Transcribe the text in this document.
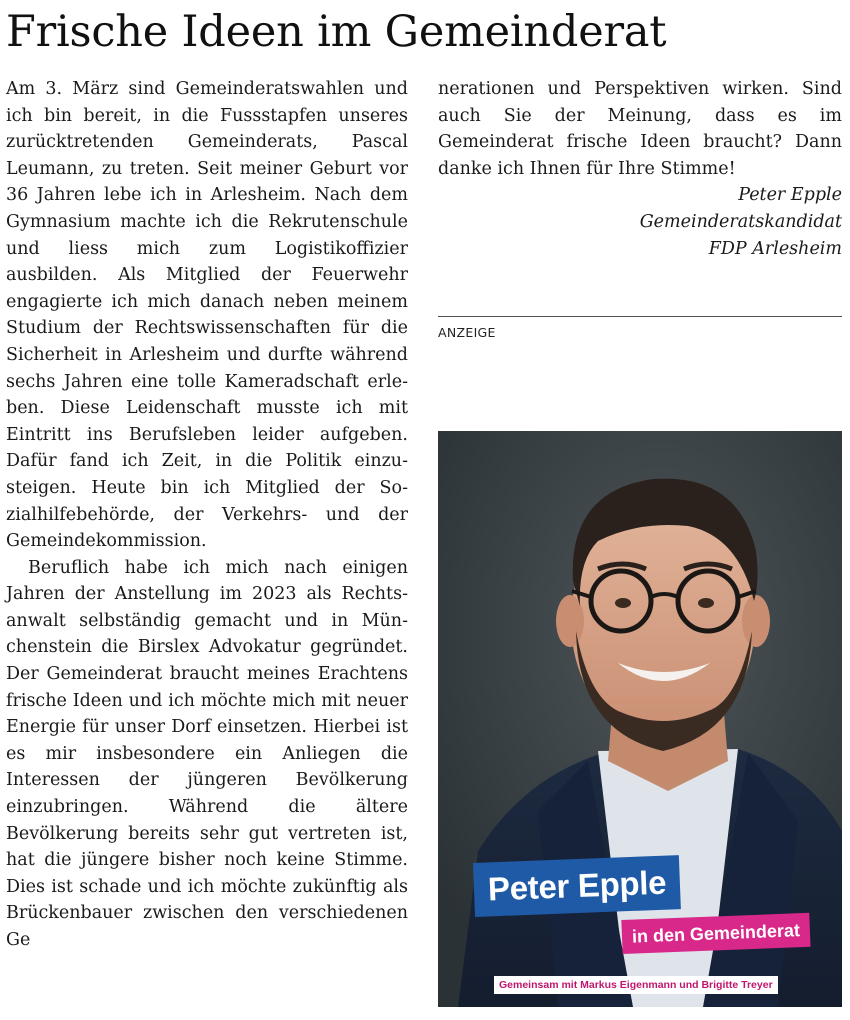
Frische Ideen im Gemeinderat

Am 3. März sind Gemeinderatswahlen und ich bin bereit, in die Fussstapfen unseres zurücktretenden Gemeinderats, Pascal Leumann, zu treten. Seit meiner Geburt vor 36 Jahren lebe ich in Arlesheim. Nach dem Gymnasium machte ich die Rekrutenschule und liess mich zum Logistikoffizier ausbilden. Als Mitglied der Feuerwehr engagierte ich mich danach neben meinem Studium der Rechtswissenschaften für die Sicherheit in Arlesheim und durfte während sechs Jahren eine tolle Kameradschaft erleben. Diese Leidenschaft musste ich mit Eintritt ins Berufsleben leider aufgeben. Dafür fand ich Zeit, in die Politik einzusteigen. Heute bin ich Mitglied der Sozialhilfebehörde, der Verkehrs- und der Gemeindekommission.

Beruflich habe ich mich nach einigen Jahren der Anstellung im 2023 als Rechtsanwalt selbständig gemacht und in Münchenstein die Birslex Advokatur gegründet. Der Gemeinderat braucht meines Erachtens frische Ideen und ich möchte mich mit neuer Energie für unser Dorf einsetzen. Hierbei ist es mir insbesondere ein Anliegen die Interessen der jüngeren Bevölkerung einzubringen. Während die ältere Bevölkerung bereits sehr gut vertreten ist, hat die jüngere bisher noch keine Stimme. Dies ist schade und ich möchte zukünftig als Brückenbauer zwischen den verschiedenen Ge

nerationen und Perspektiven wirken. Sind auch Sie der Meinung, dass es im Gemeinderat frische Ideen braucht? Dann danke ich Ihnen für Ihre Stimme!

Peter Epple

Gemeinderatskandidat

FDP Arlesheim

ANZEIGE
Peter Epple
in den Gemeinderat
Gemeinsam mit Markus Eigenmann und Brigitte Treyer
